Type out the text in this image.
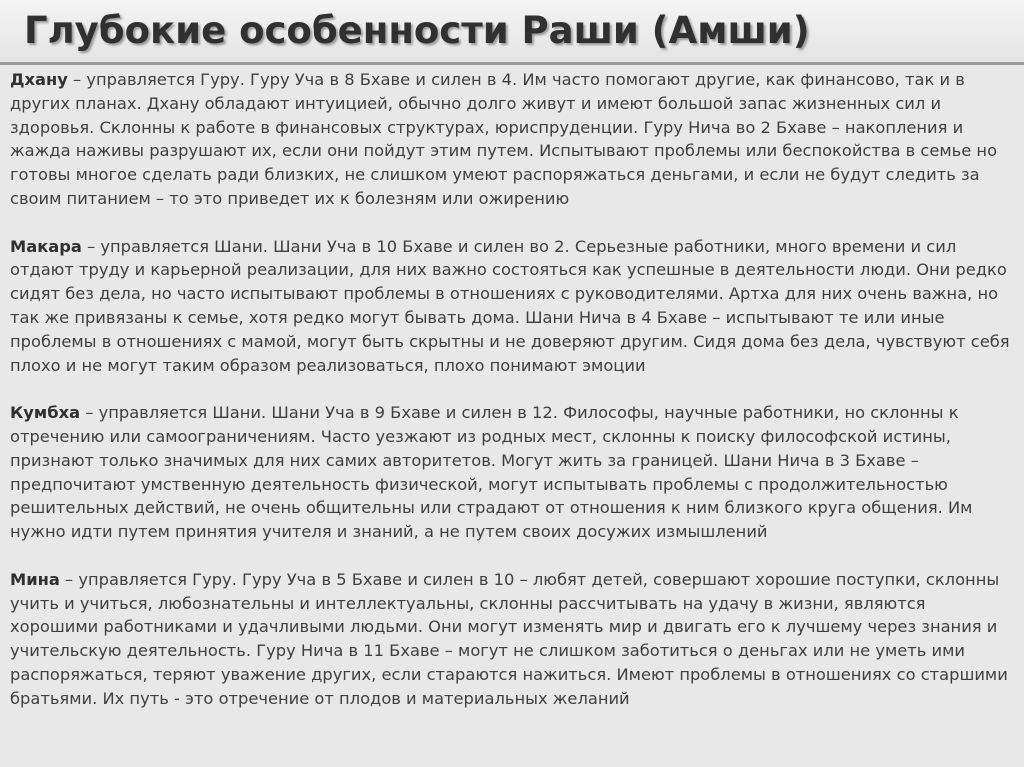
Глубокие особенности Раши (Амши)

Дхану – управляется Гуру. Гуру Уча в 8 Бхаве и силен в 4. Им часто помогают другие, как финансово, так и в других планах. Дхану обладают интуицией, обычно долго живут и имеют большой запас жизненных сил и здоровья. Склонны к работе в финансовых структурах, юриспруденции. Гуру Нича во 2 Бхаве – накопления и жажда наживы разрушают их, если они пойдут этим путем. Испытывают проблемы или беспокойства в семье но готовы многое сделать ради близких, не слишком умеют распоряжаться деньгами, и если не будут следить за своим питанием – то это приведет их к болезням или ожирению

Макара – управляется Шани. Шани Уча в 10 Бхаве и силен во 2. Серьезные работники, много времени и сил отдают труду и карьерной реализации, для них важно состояться как успешные в деятельности люди. Они редко сидят без дела, но часто испытывают проблемы в отношениях с руководителями. Артха для них очень важна, но так же привязаны к семье, хотя редко могут бывать дома. Шани Нича в 4 Бхаве – испытывают те или иные проблемы в отношениях с мамой, могут быть скрытны и не доверяют другим. Сидя дома без дела, чувствуют себя плохо и не могут таким образом реализоваться, плохо понимают эмоции

Кумбха – управляется Шани. Шани Уча в 9 Бхаве и силен в 12. Философы, научные работники, но склонны к отречению или самоограничениям. Часто уезжают из родных мест, склонны к поиску философской истины, признают только значимых для них самих авторитетов. Могут жить за границей. Шани Нича в 3 Бхаве – предпочитают умственную деятельность физической, могут испытывать проблемы с продолжительностью решительных действий, не очень общительны или страдают от отношения к ним близкого круга общения. Им нужно идти путем принятия учителя и знаний, а не путем своих досужих измышлений

Мина – управляется Гуру. Гуру Уча в 5 Бхаве и силен в 10 – любят детей, совершают хорошие поступки, склонны учить и учиться, любознательны и интеллектуальны, склонны рассчитывать на удачу в жизни, являются хорошими работниками и удачливыми людьми. Они могут изменять мир и двигать его к лучшему через знания и учительскую деятельность. Гуру Нича в 11 Бхаве – могут не слишком заботиться о деньгах или не уметь ими распоряжаться, теряют уважение других, если стараются нажиться. Имеют проблемы в отношениях со старшими братьями. Их путь - это отречение от плодов и материальных желаний
